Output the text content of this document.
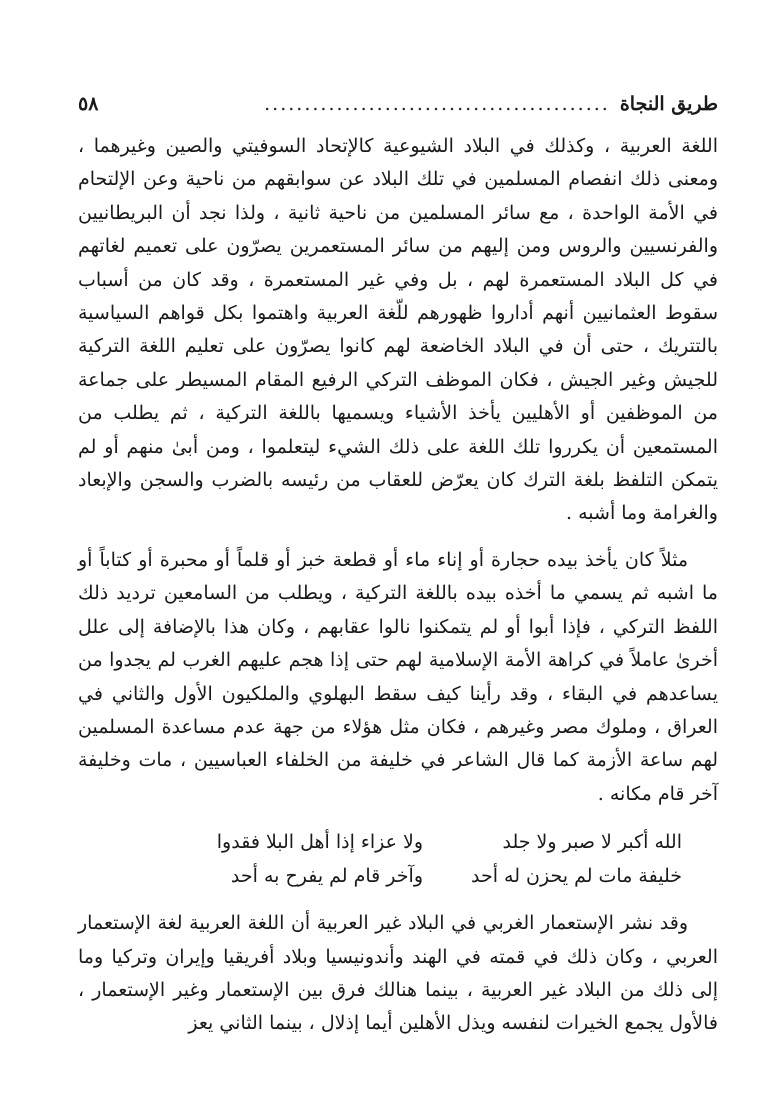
طريق النجاة
...........................................
٥٨

اللغة العربية ، وكذلك في البلاد الشيوعية كالإتحاد السوفيتي والصين وغيرهما ، ومعنى ذلك انفصام المسلمين في تلك البلاد عن سوابقهم من ناحية وعن الإلتحام في الأمة الواحدة ، مع سائر المسلمين من ناحية ثانية ، ولذا نجد أن البريطانيين والفرنسيين والروس ومن إليهم من سائر المستعمرين يصرّون على تعميم لغاتهم في كل البلاد المستعمرة لهم ، بل وفي غير المستعمرة ، وقد كان من أسباب سقوط العثمانيين أنهم أداروا ظهورهم للّغة العربية واهتموا بكل قواهم السياسية بالتتريك ، حتى أن في البلاد الخاضعة لهم كانوا يصرّون على تعليم اللغة التركية للجيش وغير الجيش ، فكان الموظف التركي الرفيع المقام المسيطر على جماعة من الموظفين أو الأهليين يأخذ الأشياء ويسميها باللغة التركية ، ثم يطلب من المستمعين أن يكرروا تلك اللغة على ذلك الشيء ليتعلموا ، ومن أبىٰ منهم أو لم يتمكن التلفظ بلغة الترك كان يعرّض للعقاب من رئيسه بالضرب والسجن والإبعاد والغرامة وما أشبه .

مثلاً كان يأخذ بيده حجارة أو إناء ماء أو قطعة خبز أو قلماً أو محبرة أو كتاباً أو ما اشبه ثم يسمي ما أخذه بيده باللغة التركية ، ويطلب من السامعين ترديد ذلك اللفظ التركي ، فإذا أبوا أو لم يتمكنوا نالوا عقابهم ، وكان هذا بالإضافة إلى علل أخرىٰ عاملاً في كراهة الأمة الإسلامية لهم حتى إذا هجم عليهم الغرب لم يجدوا من يساعدهم في البقاء ، وقد رأينا كيف سقط البهلوي والملكيون الأول والثاني في العراق ، وملوك مصر وغيرهم ، فكان مثل هؤلاء من جهة عدم مساعدة المسلمين لهم ساعة الأزمة كما قال الشاعر في خليفة من الخلفاء العباسيين ، مات وخليفة آخر قام مكانه .

الله أكبر لا صبر ولا جلد
ولا عزاء إذا أهل البلا فقدوا
خليفة مات لم يحزن له أحد
وآخر قام لم يفرح به أحد

وقد نشر الإستعمار الغربي في البلاد غير العربية أن اللغة العربية لغة الإستعمار العربي ، وكان ذلك في قمته في الهند وأندونيسيا وبلاد أفريقيا وإيران وتركيا وما إلى ذلك من البلاد غير العربية ، بينما هنالك فرق بين الإستعمار وغير الإستعمار ، فالأول يجمع الخيرات لنفسه ويذل الأهلين أيما إذلال ، بينما الثاني يعز
